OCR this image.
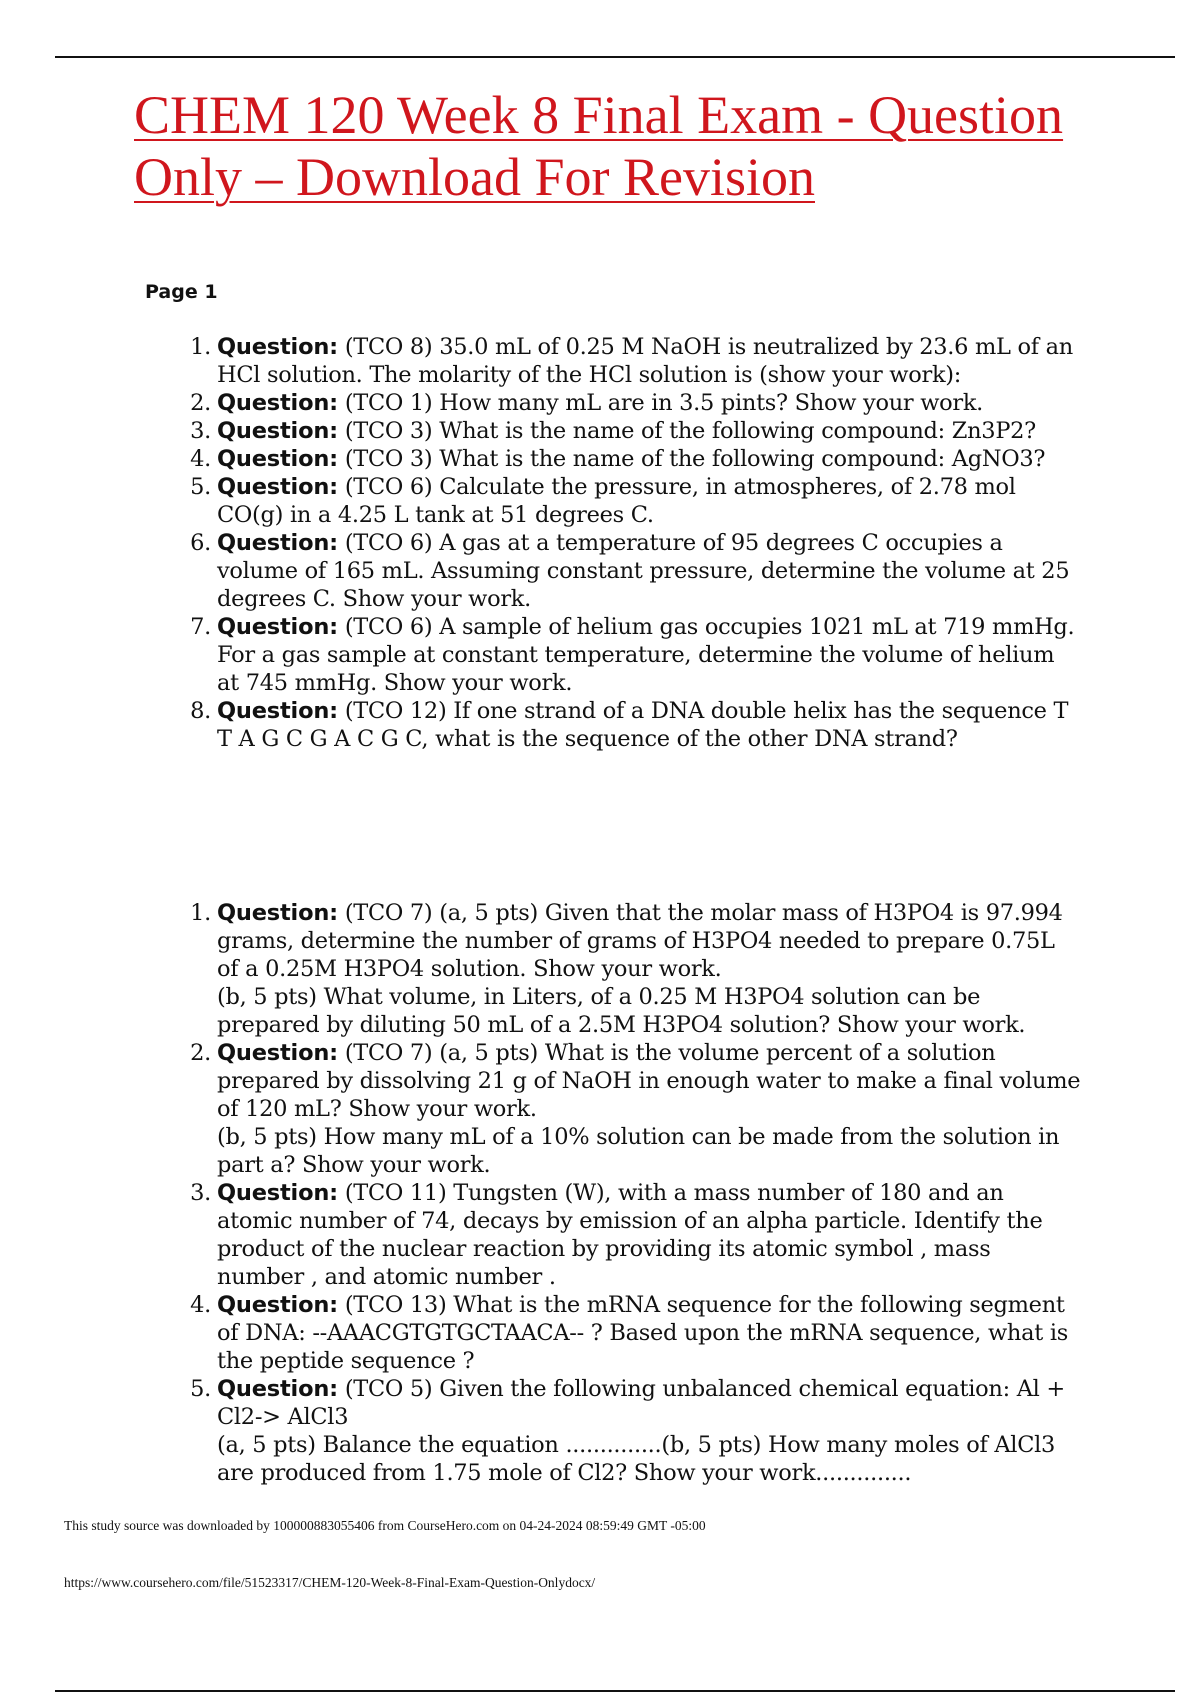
CHEM 120 Week 8 Final Exam - Question Only – Download For Revision
Page 1
1. Question: (TCO 8) 35.0 mL of 0.25 M NaOH is neutralized by 23.6 mL of an HCl solution. The molarity of the HCl solution is (show your work):
2. Question: (TCO 1) How many mL are in 3.5 pints? Show your work.
3. Question: (TCO 3) What is the name of the following compound: Zn3P2?
4. Question: (TCO 3) What is the name of the following compound: AgNO3?
5. Question: (TCO 6) Calculate the pressure, in atmospheres, of 2.78 mol CO(g) in a 4.25 L tank at 51 degrees C.
6. Question: (TCO 6) A gas at a temperature of 95 degrees C occupies a volume of 165 mL. Assuming constant pressure, determine the volume at 25 degrees C. Show your work.
7. Question: (TCO 6) A sample of helium gas occupies 1021 mL at 719 mmHg. For a gas sample at constant temperature, determine the volume of helium at 745 mmHg. Show your work.
8. Question: (TCO 12) If one strand of a DNA double helix has the sequence T T A G C G A C G C, what is the sequence of the other DNA strand?
1. Question: (TCO 7) (a, 5 pts) Given that the molar mass of H3PO4 is 97.994 grams, determine the number of grams of H3PO4 needed to prepare 0.75L of a 0.25M H3PO4 solution. Show your work.
(b, 5 pts) What volume, in Liters, of a 0.25 M H3PO4 solution can be prepared by diluting 50 mL of a 2.5M H3PO4 solution? Show your work.
2. Question: (TCO 7) (a, 5 pts) What is the volume percent of a solution prepared by dissolving 21 g of NaOH in enough water to make a final volume of 120 mL? Show your work.
(b, 5 pts) How many mL of a 10% solution can be made from the solution in part a? Show your work.
3. Question: (TCO 11) Tungsten (W), with a mass number of 180 and an atomic number of 74, decays by emission of an alpha particle. Identify the product of the nuclear reaction by providing its atomic symbol , mass number , and atomic number .
4. Question: (TCO 13) What is the mRNA sequence for the following segment of DNA: --AAACGTGTGCTAACA-- ? Based upon the mRNA sequence, what is the peptide sequence ?
5. Question: (TCO 5) Given the following unbalanced chemical equation: Al + Cl2-> AlCl3
(a, 5 pts) Balance the equation ..............(b, 5 pts) How many moles of AlCl3 are produced from 1.75 mole of Cl2? Show your work..............
This study source was downloaded by 100000883055406 from CourseHero.com on 04-24-2024 08:59:49 GMT -05:00
https://www.coursehero.com/file/51523317/CHEM-120-Week-8-Final-Exam-Question-Onlydocx/
